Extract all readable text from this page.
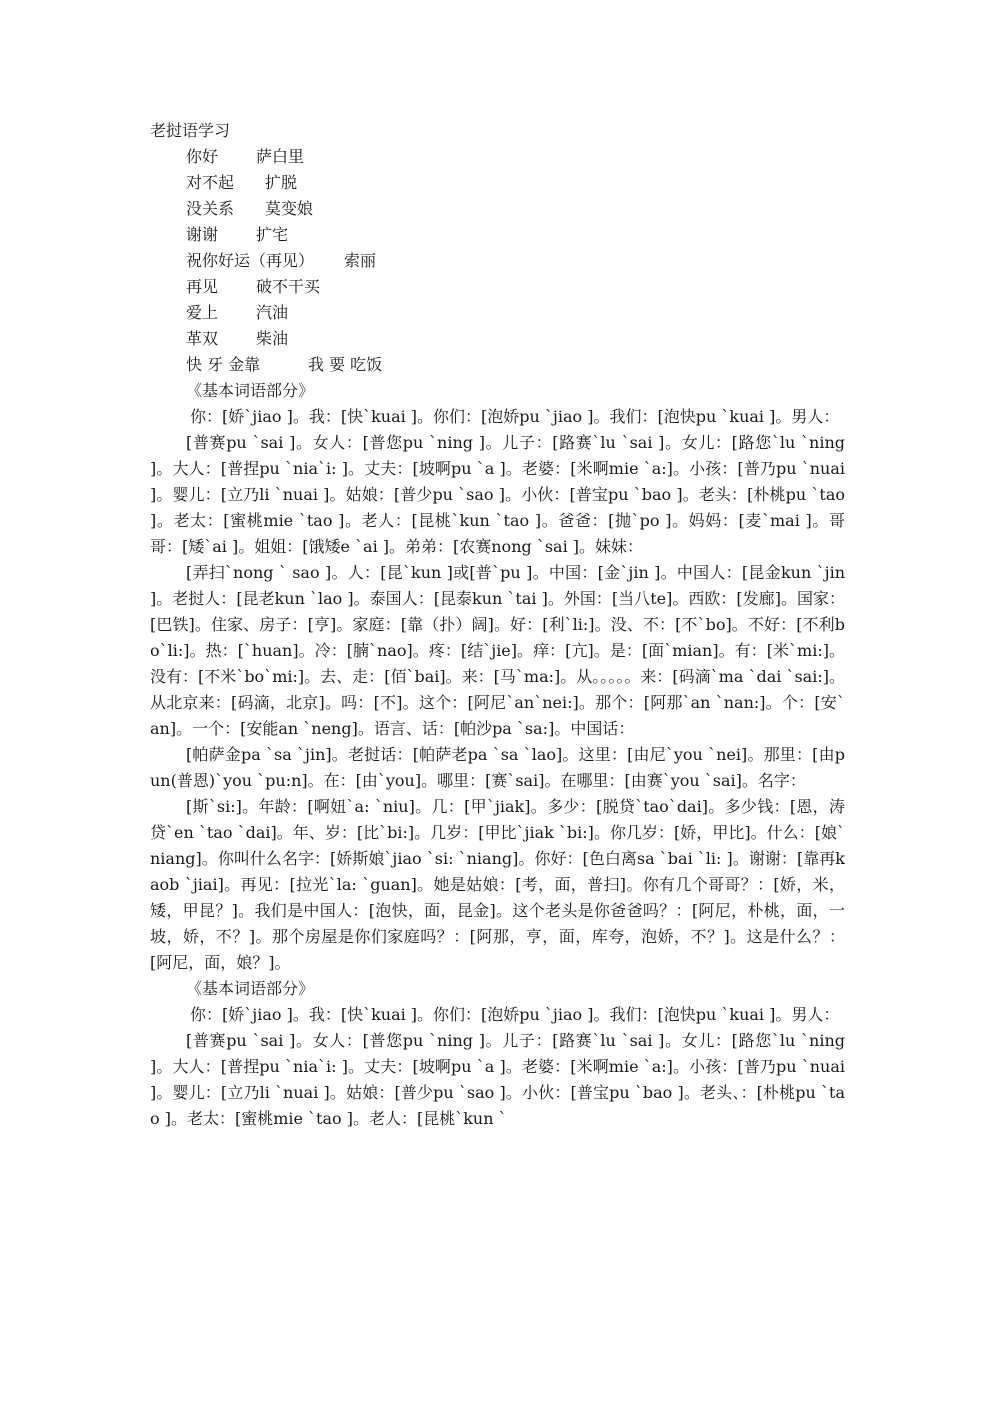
老挝语学习
你好 萨白里
对不起 扩脱
没关系 莫变娘
谢谢 扩宅
祝你好运（再见） 索丽
再见 破不干买
爱上 汽油
革双 柴油
快 牙 金靠	我 要 吃饭
《基本词语部分》
你：[娇`jiao ]。我：[快`kuai ]。你们：[泡娇pu `jiao ]。我们：[泡快pu `kuai ]。男人：
[普赛pu `sai ]。女人：[普您pu `ning ]。儿子：[路赛`lu `sai ]。女儿：[路您`lu `ning ]。大人：[普捏pu `nia`i: ]。丈夫：[坡啊pu `a ]。老婆：[米啊mie `a:]。小孩：[普乃pu `nuai ]。婴儿：[立乃li `nuai ]。姑娘：[普少pu `sao ]。小伙：[普宝pu `bao ]。老头：[朴桃pu `tao ]。老太：[蜜桃mie `tao ]。老人：[昆桃`kun `tao ]。爸爸：[抛`po ]。妈妈：[麦`mai ]。哥哥：[矮`ai ]。姐姐：[饿矮e `ai ]。弟弟：[农赛nong `sai ]。妹妹：
[弄扫`nong ` sao ]。人：[昆`kun ]或[普`pu ]。中国：[金`jin ]。中国人：[昆金kun `jin ]。老挝人：[昆老kun `lao ]。泰国人：[昆泰kun `tai ]。外国：[当八te]。西欧：[发廊]。国家：[巴铁]。住家、房子：[亨]。家庭：[靠（扑）阔]。好：[利`li:]。没、不：[不`bo]。不好：[不利bo`li:]。热：[`huan]。冷：[腩`nao]。疼：[结`jie]。痒：[亢]。是：[面`mian]。有：[米`mi:]。没有：[不米`bo`mi:]。去、走：[佰`bai]。来：[马`ma:]。从。。。。。来：[码滴`ma `dai `sai:]。从北京来：[码滴，北京]。吗：[不]。这个：[阿尼`an`nei:]。那个：[阿那`an `nan:]。个：[安`an]。一个：[安能an `neng]。语言、话：[帕沙pa `sa:]。中国话：
[帕萨金pa `sa `jin]。老挝话：[帕萨老pa `sa `lao]。这里：[由尼`you `nei]。那里：[由pun(普恩)`you `pu:n]。在：[由`you]。哪里：[赛`sai]。在哪里：[由赛`you `sai]。名字：
[斯`si:]。年龄：[啊妞`a: `niu]。几：[甲`jiak]。多少：[脱贷`tao`dai]。多少钱：[恩，涛贷`en `tao `dai]。年、岁：[比`bi:]。几岁：[甲比`jiak `bi:]。你几岁：[娇，甲比]。什么：[娘`niang]。你叫什么名字：[娇斯娘`jiao `si: `niang]。你好：[色白离sa `bai `li: ]。谢谢：[靠再kaob `jiai]。再见：[拉光`la: `guan]。她是姑娘：[考，面，普扫]。你有几个哥哥？：[娇，米，矮，甲昆？]。我们是中国人：[泡快，面，昆金]。这个老头是你爸爸吗？：[阿尼，朴桃，面，一坡，娇，不？]。那个房屋是你们家庭吗？：[阿那，亨，面，库夸，泡娇，不？]。这是什么？：[阿尼，面，娘？]。
《基本词语部分》
你：[娇`jiao ]。我：[快`kuai ]。你们：[泡娇pu `jiao ]。我们：[泡快pu `kuai ]。男人：
[普赛pu `sai ]。女人：[普您pu `ning ]。儿子：[路赛`lu `sai ]。女儿：[路您`lu `ning ]。大人：[普捏pu `nia`i: ]。丈夫：[坡啊pu `a ]。老婆：[米啊mie `a:]。小孩：[普乃pu `nuai ]。婴儿：[立乃li `nuai ]。姑娘：[普少pu `sao ]。小伙：[普宝pu `bao ]。老头、：[朴桃pu `tao ]。老太：[蜜桃mie `tao ]。老人：[昆桃`kun `
